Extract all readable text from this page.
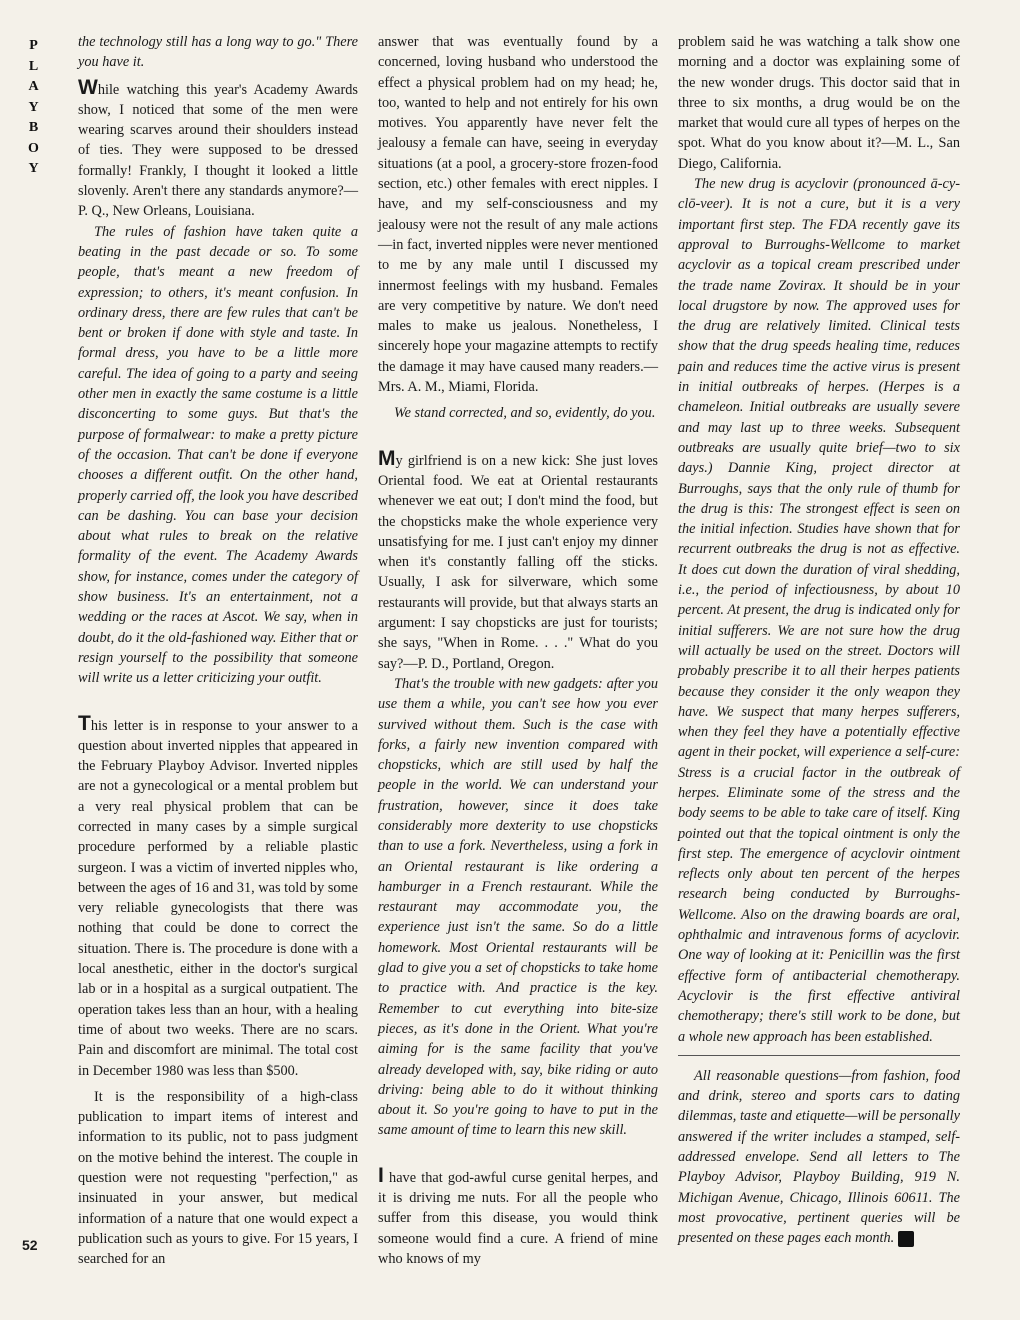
P
L
A
Y
B
O
Y

the technology still has a long way to go." There you have it.

While watching this year's Academy Awards show, I noticed that some of the men were wearing scarves around their shoulders instead of ties. They were supposed to be dressed formally! Frankly, I thought it looked a little slovenly. Aren't there any standards anymore?—P. Q., New Orleans, Louisiana.

The rules of fashion have taken quite a beating in the past decade or so. To some people, that's meant a new freedom of expression; to others, it's meant confusion. In ordinary dress, there are few rules that can't be bent or broken if done with style and taste. In formal dress, you have to be a little more careful. The idea of going to a party and seeing other men in exactly the same costume is a little disconcerting to some guys. But that's the purpose of formalwear: to make a pretty picture of the occasion. That can't be done if everyone chooses a different outfit. On the other hand, properly carried off, the look you have described can be dashing. You can base your decision about what rules to break on the relative formality of the event. The Academy Awards show, for instance, comes under the category of show business. It's an entertainment, not a wedding or the races at Ascot. We say, when in doubt, do it the old-fashioned way. Either that or resign yourself to the possibility that someone will write us a letter criticizing your outfit.

This letter is in response to your answer to a question about inverted nipples that appeared in the February Playboy Advisor. Inverted nipples are not a gynecological or a mental problem but a very real physical problem that can be corrected in many cases by a simple surgical procedure performed by a reliable plastic surgeon. I was a victim of inverted nipples who, between the ages of 16 and 31, was told by some very reliable gynecologists that there was nothing that could be done to correct the situation. There is. The procedure is done with a local anesthetic, either in the doctor's surgical lab or in a hospital as a surgical outpatient. The operation takes less than an hour, with a healing time of about two weeks. There are no scars. Pain and discomfort are minimal. The total cost in December 1980 was less than $500.

It is the responsibility of a high-class publication to impart items of interest and information to its public, not to pass judgment on the motive behind the interest. The couple in question were not requesting "perfection," as insinuated in your answer, but medical information of a nature that one would expect a publication such as yours to give. For 15 years, I searched for an

answer that was eventually found by a concerned, loving husband who understood the effect a physical problem had on my head; he, too, wanted to help and not entirely for his own motives. You apparently have never felt the jealousy a female can have, seeing in everyday situations (at a pool, a grocery-store frozen-food section, etc.) other females with erect nipples. I have, and my self-consciousness and my jealousy were not the result of any male actions—in fact, inverted nipples were never mentioned to me by any male until I discussed my innermost feelings with my husband. Females are very competitive by nature. We don't need males to make us jealous. Nonetheless, I sincerely hope your magazine attempts to rectify the damage it may have caused many readers.—Mrs. A. M., Miami, Florida.

We stand corrected, and so, evidently, do you.

My girlfriend is on a new kick: She just loves Oriental food. We eat at Oriental restaurants whenever we eat out; I don't mind the food, but the chopsticks make the whole experience very unsatisfying for me. I just can't enjoy my dinner when it's constantly falling off the sticks. Usually, I ask for silverware, which some restaurants will provide, but that always starts an argument: I say chopsticks are just for tourists; she says, "When in Rome. . . ." What do you say?—P. D., Portland, Oregon.

That's the trouble with new gadgets: after you use them a while, you can't see how you ever survived without them. Such is the case with forks, a fairly new invention compared with chopsticks, which are still used by half the people in the world. We can understand your frustration, however, since it does take considerably more dexterity to use chopsticks than to use a fork. Nevertheless, using a fork in an Oriental restaurant is like ordering a hamburger in a French restaurant. While the restaurant may accommodate you, the experience just isn't the same. So do a little homework. Most Oriental restaurants will be glad to give you a set of chopsticks to take home to practice with. And practice is the key. Remember to cut everything into bite-size pieces, as it's done in the Orient. What you're aiming for is the same facility that you've already developed with, say, bike riding or auto driving: being able to do it without thinking about it. So you're going to have to put in the same amount of time to learn this new skill.

I have that god-awful curse genital herpes, and it is driving me nuts. For all the people who suffer from this disease, you would think someone would find a cure. A friend of mine who knows of my

problem said he was watching a talk show one morning and a doctor was explaining some of the new wonder drugs. This doctor said that in three to six months, a drug would be on the market that would cure all types of herpes on the spot. What do you know about it?—M. L., San Diego, California.

The new drug is acyclovir (pronounced ā-cy-clō-veer). It is not a cure, but it is a very important first step. The FDA recently gave its approval to Burroughs-Wellcome to market acyclovir as a topical cream prescribed under the trade name Zovirax. It should be in your local drugstore by now. The approved uses for the drug are relatively limited. Clinical tests show that the drug speeds healing time, reduces pain and reduces time the active virus is present in initial outbreaks of herpes. (Herpes is a chameleon. Initial outbreaks are usually severe and may last up to three weeks. Subsequent outbreaks are usually quite brief—two to six days.) Dannie King, project director at Burroughs, says that the only rule of thumb for the drug is this: The strongest effect is seen on the initial infection. Studies have shown that for recurrent outbreaks the drug is not as effective. It does cut down the duration of viral shedding, i.e., the period of infectiousness, by about 10 percent. At present, the drug is indicated only for initial sufferers. We are not sure how the drug will actually be used on the street. Doctors will probably prescribe it to all their herpes patients because they consider it the only weapon they have. We suspect that many herpes sufferers, when they feel they have a potentially effective agent in their pocket, will experience a self-cure: Stress is a crucial factor in the outbreak of herpes. Eliminate some of the stress and the body seems to be able to take care of itself. King pointed out that the topical ointment is only the first step. The emergence of acyclovir ointment reflects only about ten percent of the herpes research being conducted by Burroughs-Wellcome. Also on the drawing boards are oral, ophthalmic and intravenous forms of acyclovir. One way of looking at it: Penicillin was the first effective form of antibacterial chemotherapy. Acyclovir is the first effective antiviral chemotherapy; there's still work to be done, but a whole new approach has been established.

All reasonable questions—from fashion, food and drink, stereo and sports cars to dating dilemmas, taste and etiquette—will be personally answered if the writer includes a stamped, self-addressed envelope. Send all letters to The Playboy Advisor, Playboy Building, 919 N. Michigan Avenue, Chicago, Illinois 60611. The most provocative, pertinent queries will be presented on these pages each month. Y

52
